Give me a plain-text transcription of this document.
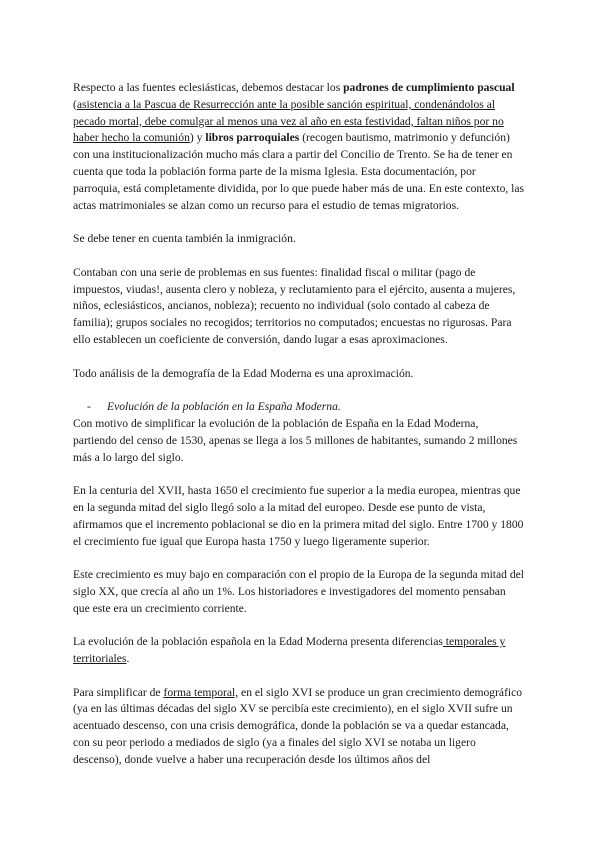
Respecto a las fuentes eclesiásticas, debemos destacar los padrones de cumplimiento pascual (asistencia a la Pascua de Resurrección ante la posible sanción espiritual, condenándolos al pecado mortal, debe comulgar al menos una vez al año en esta festividad, faltan niños por no haber hecho la comunión) y libros parroquiales (recogen bautismo, matrimonio y defunción) con una institucionalización mucho más clara a partir del Concilio de Trento. Se ha de tener en cuenta que toda la población forma parte de la misma Iglesia. Esta documentación, por parroquia, está completamente dividida, por lo que puede haber más de una. En este contexto, las actas matrimoniales se alzan como un recurso para el estudio de temas migratorios.

Se debe tener en cuenta también la inmigración.

Contaban con una serie de problemas en sus fuentes: finalidad fiscal o militar (pago de impuestos, viudas!, ausenta clero y nobleza, y reclutamiento para el ejército, ausenta a mujeres, niños, eclesiásticos, ancianos, nobleza); recuento no individual (solo contado al cabeza de familia); grupos sociales no recogidos; territorios no computados; encuestas no rigurosas. Para ello establecen un coeficiente de conversión, dando lugar a esas aproximaciones.

Todo análisis de la demografía de la Edad Moderna es una aproximación.

- Evolución de la población en la España Moderna.

Con motivo de simplificar la evolución de la población de España en la Edad Moderna, partiendo del censo de 1530, apenas se llega a los 5 millones de habitantes, sumando 2 millones más a lo largo del siglo.

En la centuria del XVII, hasta 1650 el crecimiento fue superior a la media europea, mientras que en la segunda mitad del siglo llegó solo a la mitad del europeo. Desde ese punto de vista, afirmamos que el incremento poblacional se dio en la primera mitad del siglo. Entre 1700 y 1800 el crecimiento fue igual que Europa hasta 1750 y luego ligeramente superior.

Este crecimiento es muy bajo en comparación con el propio de la Europa de la segunda mitad del siglo XX, que crecía al año un 1%. Los historiadores e investigadores del momento pensaban que este era un crecimiento corriente.

La evolución de la población española en la Edad Moderna presenta diferencias temporales y territoriales.

Para simplificar de forma temporal, en el siglo XVI se produce un gran crecimiento demográfico (ya en las últimas décadas del siglo XV se percibía este crecimiento), en el siglo XVII sufre un acentuado descenso, con una crisis demográfica, donde la población se va a quedar estancada, con su peor periodo a mediados de siglo (ya a finales del siglo XVI se notaba un ligero descenso), donde vuelve a haber una recuperación desde los últimos años del
